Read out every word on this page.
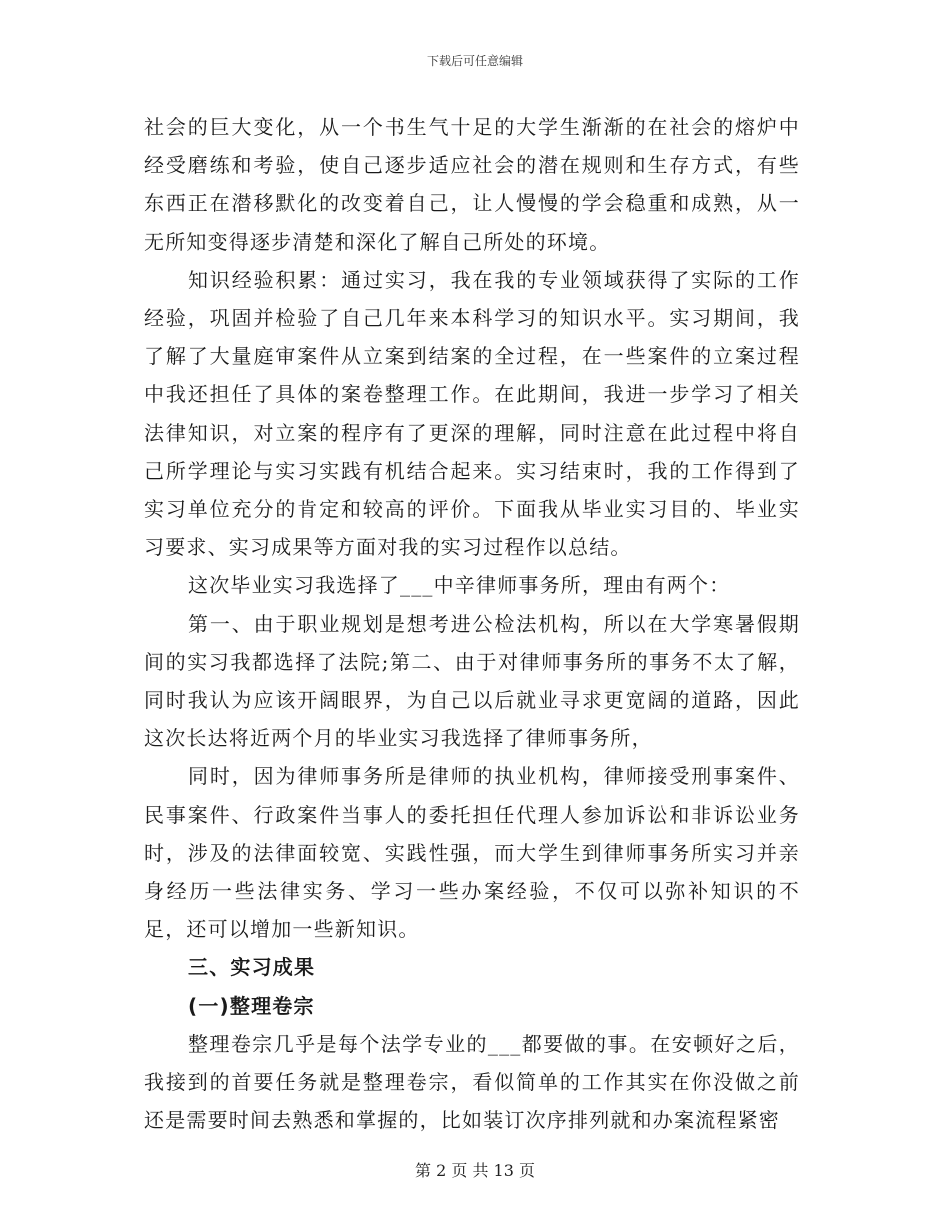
下载后可任意编辑

社会的巨大变化，从一个书生气十足的大学生渐渐的在社会的熔炉中经受磨练和考验，使自己逐步适应社会的潜在规则和生存方式，有些东西正在潜移默化的改变着自己，让人慢慢的学会稳重和成熟，从一无所知变得逐步清楚和深化了解自己所处的环境。

知识经验积累：通过实习，我在我的专业领域获得了实际的工作经验，巩固并检验了自己几年来本科学习的知识水平。实习期间，我了解了大量庭审案件从立案到结案的全过程，在一些案件的立案过程中我还担任了具体的案卷整理工作。在此期间，我进一步学习了相关法律知识，对立案的程序有了更深的理解，同时注意在此过程中将自己所学理论与实习实践有机结合起来。实习结束时，我的工作得到了实习单位充分的肯定和较高的评价。下面我从毕业实习目的、毕业实习要求、实习成果等方面对我的实习过程作以总结。

这次毕业实习我选择了___中辛律师事务所，理由有两个：

第一、由于职业规划是想考进公检法机构，所以在大学寒暑假期间的实习我都选择了法院;第二、由于对律师事务所的事务不太了解，同时我认为应该开阔眼界，为自己以后就业寻求更宽阔的道路，因此这次长达将近两个月的毕业实习我选择了律师事务所，

同时，因为律师事务所是律师的执业机构，律师接受刑事案件、民事案件、行政案件当事人的委托担任代理人参加诉讼和非诉讼业务时，涉及的法律面较宽、实践性强，而大学生到律师事务所实习并亲身经历一些法律实务、学习一些办案经验，不仅可以弥补知识的不足，还可以增加一些新知识。

三、实习成果

(一)整理卷宗

整理卷宗几乎是每个法学专业的___都要做的事。在安顿好之后，我接到的首要任务就是整理卷宗，看似简单的工作其实在你没做之前还是需要时间去熟悉和掌握的，比如装订次序排列就和办案流程紧密

第 2 页 共 13 页
